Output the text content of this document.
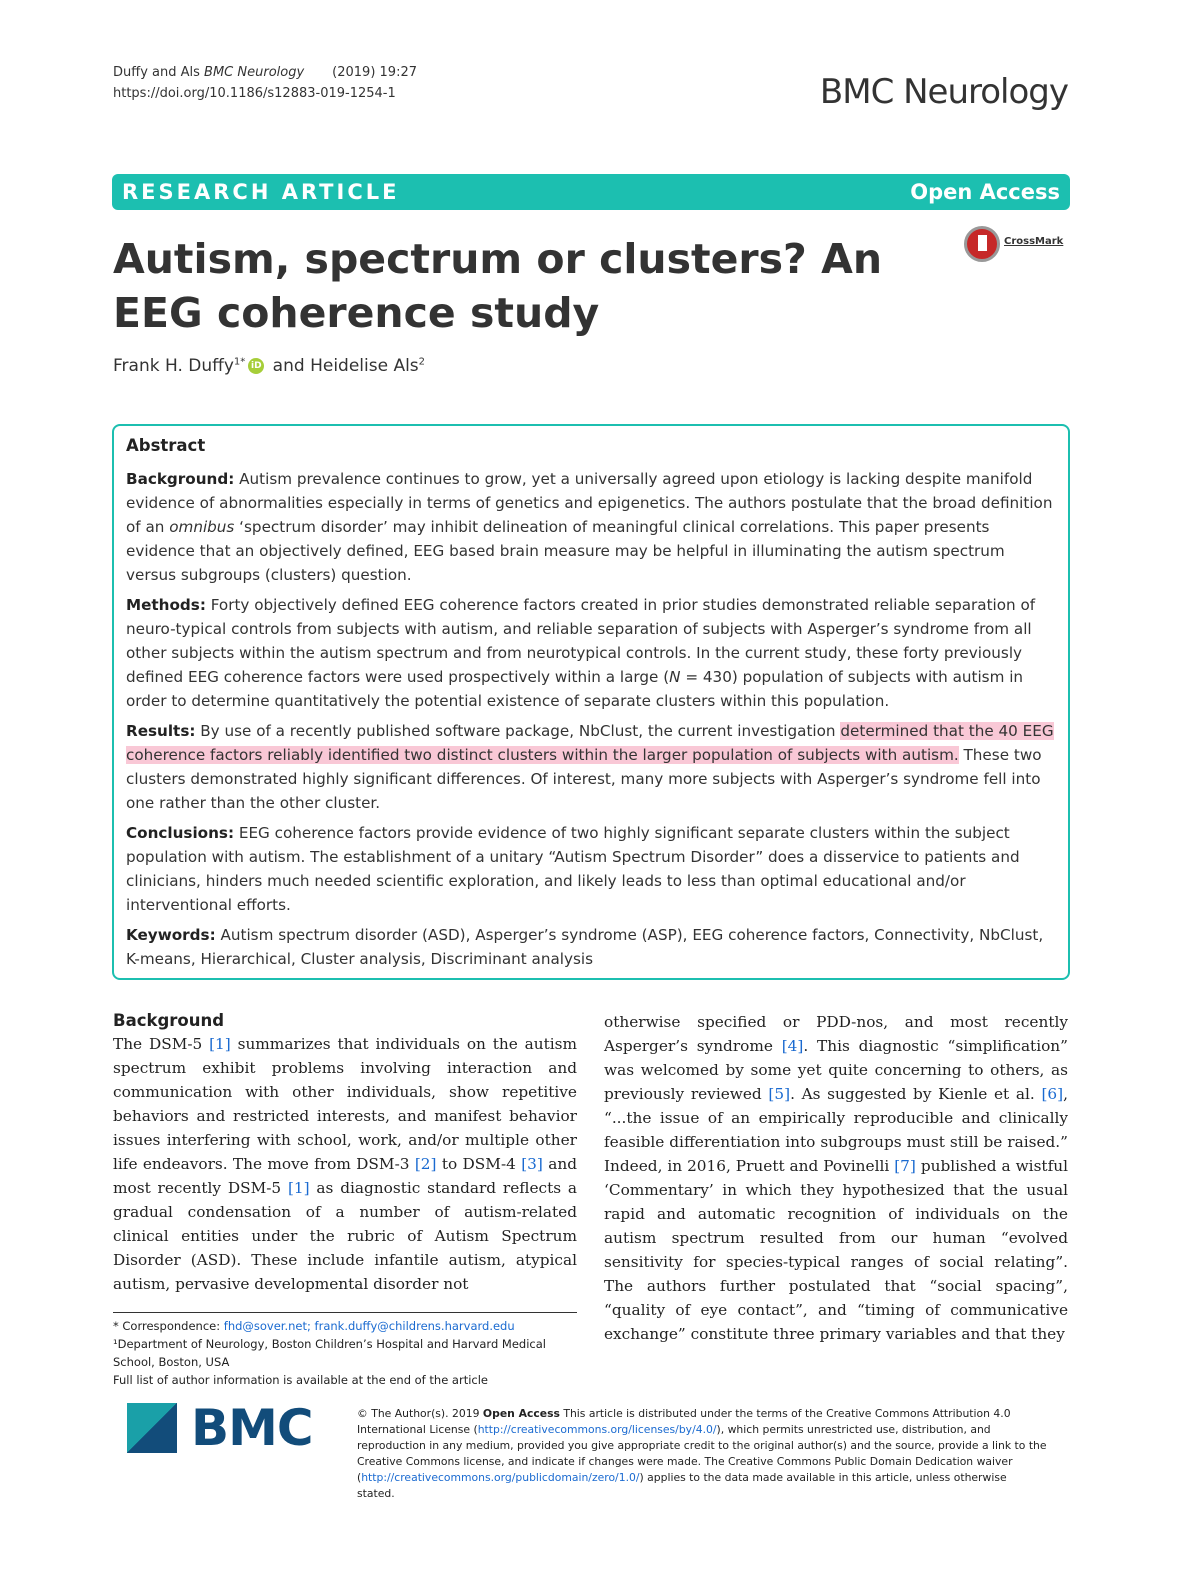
Duffy and Als BMC Neurology (2019) 19:27
https://doi.org/10.1186/s12883-019-1254-1	BMC Neurology
RESEARCH ARTICLE	Open Access
Autism, spectrum or clusters? An EEG coherence study
CrossMark
Frank H. Duffy$^{1*}$ iD and Heidelise Als$^2$
Abstract

Background: Autism prevalence continues to grow, yet a universally agreed upon etiology is lacking despite manifold evidence of abnormalities especially in terms of genetics and epigenetics. The authors postulate that the broad definition of an omnibus ‘spectrum disorder’ may inhibit delineation of meaningful clinical correlations. This paper presents evidence that an objectively defined, EEG based brain measure may be helpful in illuminating the autism spectrum versus subgroups (clusters) question.

Methods: Forty objectively defined EEG coherence factors created in prior studies demonstrated reliable separation of neuro-typical controls from subjects with autism, and reliable separation of subjects with Asperger’s syndrome from all other subjects within the autism spectrum and from neurotypical controls. In the current study, these forty previously defined EEG coherence factors were used prospectively within a large (N = 430) population of subjects with autism in order to determine quantitatively the potential existence of separate clusters within this population.

Results: By use of a recently published software package, NbClust, the current investigation determined that the 40 EEG coherence factors reliably identified two distinct clusters within the larger population of subjects with autism. These two clusters demonstrated highly significant differences. Of interest, many more subjects with Asperger’s syndrome fell into one rather than the other cluster.

Conclusions: EEG coherence factors provide evidence of two highly significant separate clusters within the subject population with autism. The establishment of a unitary “Autism Spectrum Disorder” does a disservice to patients and clinicians, hinders much needed scientific exploration, and likely leads to less than optimal educational and/or interventional efforts.

Keywords: Autism spectrum disorder (ASD), Asperger’s syndrome (ASP), EEG coherence factors, Connectivity, NbClust, K-means, Hierarchical, Cluster analysis, Discriminant analysis

Background

The DSM-5 [1] summarizes that individuals on the autism spectrum exhibit problems involving interaction and communication with other individuals, show repetitive behaviors and restricted interests, and manifest behavior issues interfering with school, work, and/or multiple other life endeavors. The move from DSM-3 [2] to DSM-4 [3] and most recently DSM-5 [1] as diagnostic standard reflects a gradual condensation of a number of autism-related clinical entities under the rubric of Autism Spectrum Disorder (ASD). These include infantile autism, atypical autism, pervasive developmental disorder not

otherwise specified or PDD-nos, and most recently Asperger’s syndrome [4]. This diagnostic “simplification” was welcomed by some yet quite concerning to others, as previously reviewed [5]. As suggested by Kienle et al. [6], “...the issue of an empirically reproducible and clinically feasible differentiation into subgroups must still be raised.” Indeed, in 2016, Pruett and Povinelli [7] published a wistful ‘Commentary’ in which they hypothesized that the usual rapid and automatic recognition of individuals on the autism spectrum resulted from our human “evolved sensitivity for species-typical ranges of social relating”. The authors further postulated that “social spacing”, “quality of eye contact”, and “timing of communicative exchange” constitute three primary variables and that they

* Correspondence: fhd@sover.net; frank.duffy@childrens.harvard.edu
¹Department of Neurology, Boston Children’s Hospital and Harvard Medical School, Boston, USA
Full list of author information is available at the end of the article
BMC	© The Author(s). 2019 Open Access This article is distributed under the terms of the Creative Commons Attribution 4.0 International License (http://creativecommons.org/licenses/by/4.0/), which permits unrestricted use, distribution, and reproduction in any medium, provided you give appropriate credit to the original author(s) and the source, provide a link to the Creative Commons license, and indicate if changes were made. The Creative Commons Public Domain Dedication waiver (http://creativecommons.org/publicdomain/zero/1.0/) applies to the data made available in this article, unless otherwise stated.
